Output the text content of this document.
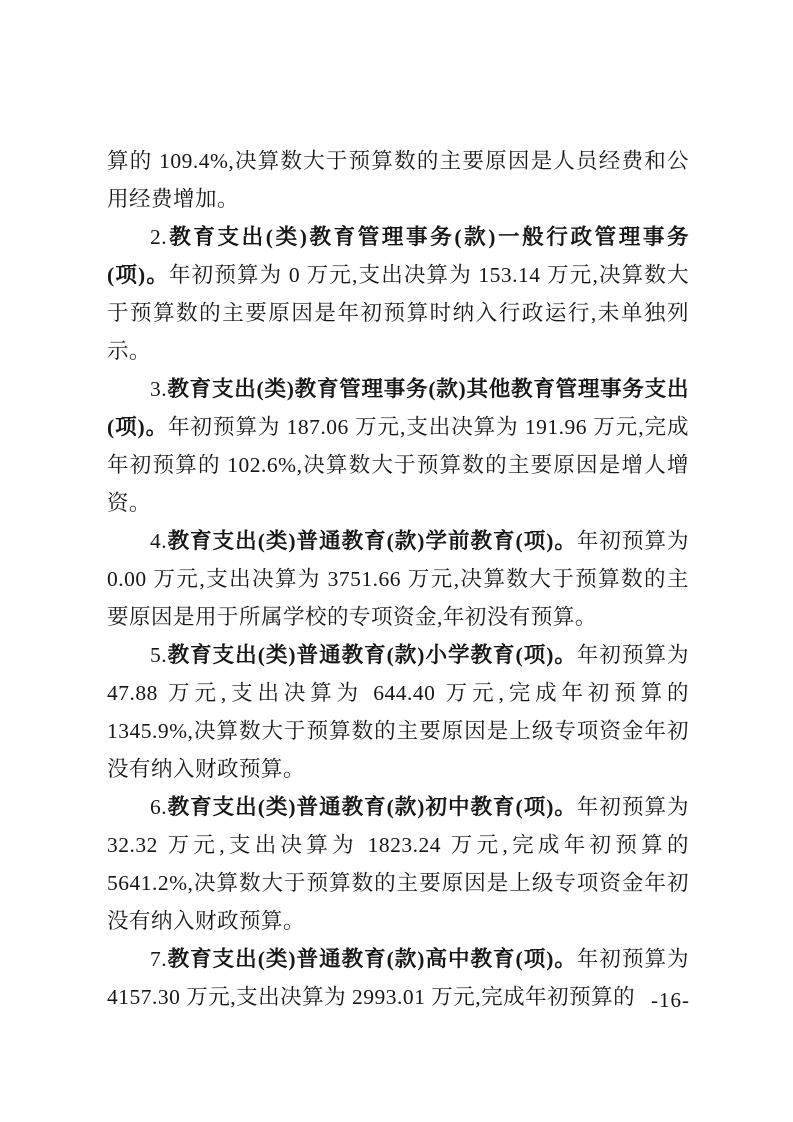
算的 109.4%,决算数大于预算数的主要原因是人员经费和公用经费增加。

2.教育支出(类)教育管理事务(款)一般行政管理事务(项)。年初预算为 0 万元,支出决算为 153.14 万元,决算数大于预算数的主要原因是年初预算时纳入行政运行,未单独列示。

3.教育支出(类)教育管理事务(款)其他教育管理事务支出(项)。年初预算为 187.06 万元,支出决算为 191.96 万元,完成年初预算的 102.6%,决算数大于预算数的主要原因是增人增资。

4.教育支出(类)普通教育(款)学前教育(项)。年初预算为 0.00 万元,支出决算为 3751.66 万元,决算数大于预算数的主要原因是用于所属学校的专项资金,年初没有预算。

5.教育支出(类)普通教育(款)小学教育(项)。年初预算为 47.88 万元,支出决算为 644.40 万元,完成年初预算的 1345.9%,决算数大于预算数的主要原因是上级专项资金年初没有纳入财政预算。

6.教育支出(类)普通教育(款)初中教育(项)。年初预算为 32.32 万元,支出决算为 1823.24 万元,完成年初预算的 5641.2%,决算数大于预算数的主要原因是上级专项资金年初没有纳入财政预算。

7.教育支出(类)普通教育(款)高中教育(项)。年初预算为 4157.30 万元,支出决算为 2993.01 万元,完成年初预算的 -16-
